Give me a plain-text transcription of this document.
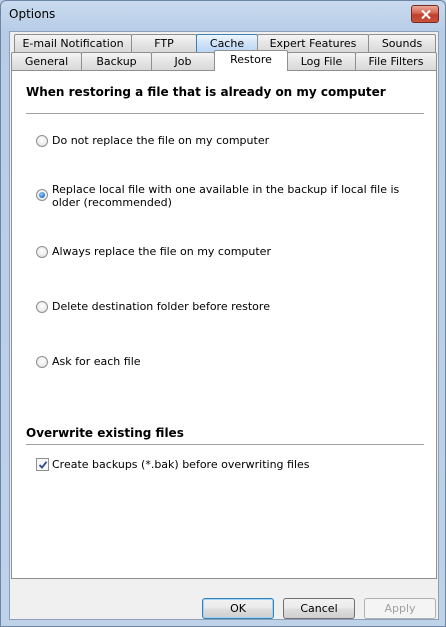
Options
E-mail Notification	FTP	Cache	Expert Features	Sounds
General	Backup	Job	Restore	Log File	File Filters
When restoring a file that is already on my computer
Do not replace the file on my computer
Replace local file with one available in the backup if local file is older (recommended)
Always replace the file on my computer
Delete destination folder before restore
Ask for each file
Overwrite existing files
Create backups (*.bak) before overwriting files
OK	Cancel	Apply
